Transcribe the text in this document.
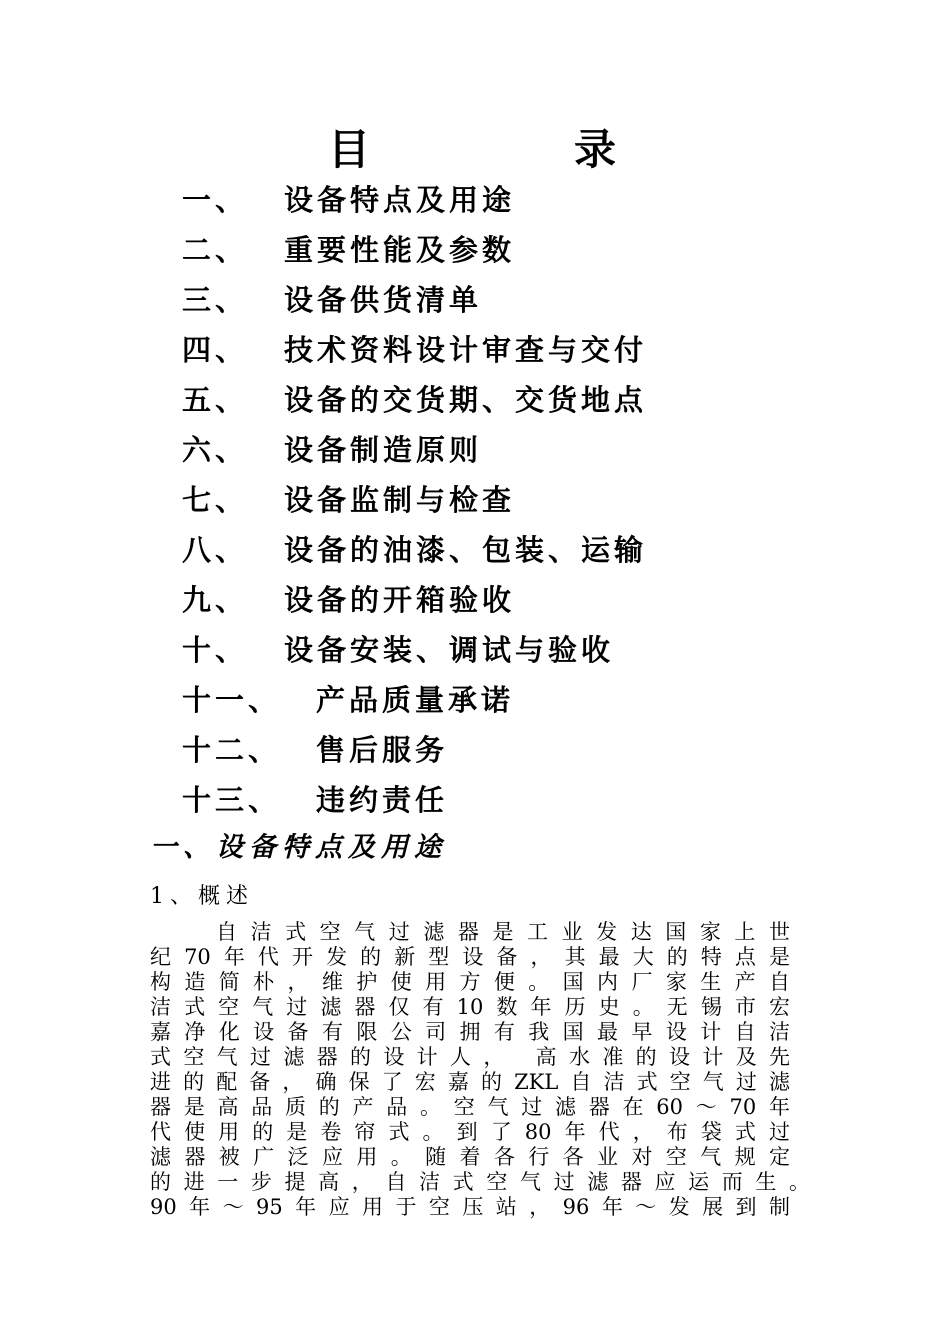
目	录
一、 设备特点及用途
二、 重要性能及参数
三、 设备供货清单
四、 技术资料设计审查与交付
五、 设备的交货期、交货地点
六、 设备制造原则
七、 设备监制与检查
八、 设备的油漆、包装、运输
九、 设备的开箱验收
十、 设备安装、调试与验收
十一、 产品质量承诺
十二、 售后服务
十三、 违约责任
一、设备特点及用途
1、概述
自洁式空气过滤器是工业发达国家上世
纪70年代开发的新型设备，其最大的特点是
构造简朴，维护使用方便。国内厂家生产自
洁式空气过滤器仅有10数年历史。无锡市宏
嘉净化设备有限公司拥有我国最早设计自洁
式空气过滤器的设计人， 高水准的设计及先
进的配备，确保了宏嘉的ZKL自洁式空气过滤
器是高品质的产品。空气过滤器在60～70年
代使用的是卷帘式。到了80年代，布袋式过
滤器被广泛应用。随着各行各业对空气规定
的进一步提高，自洁式空气过滤器应运而生。
90年～95年应用于空压站，96年～发展到制
